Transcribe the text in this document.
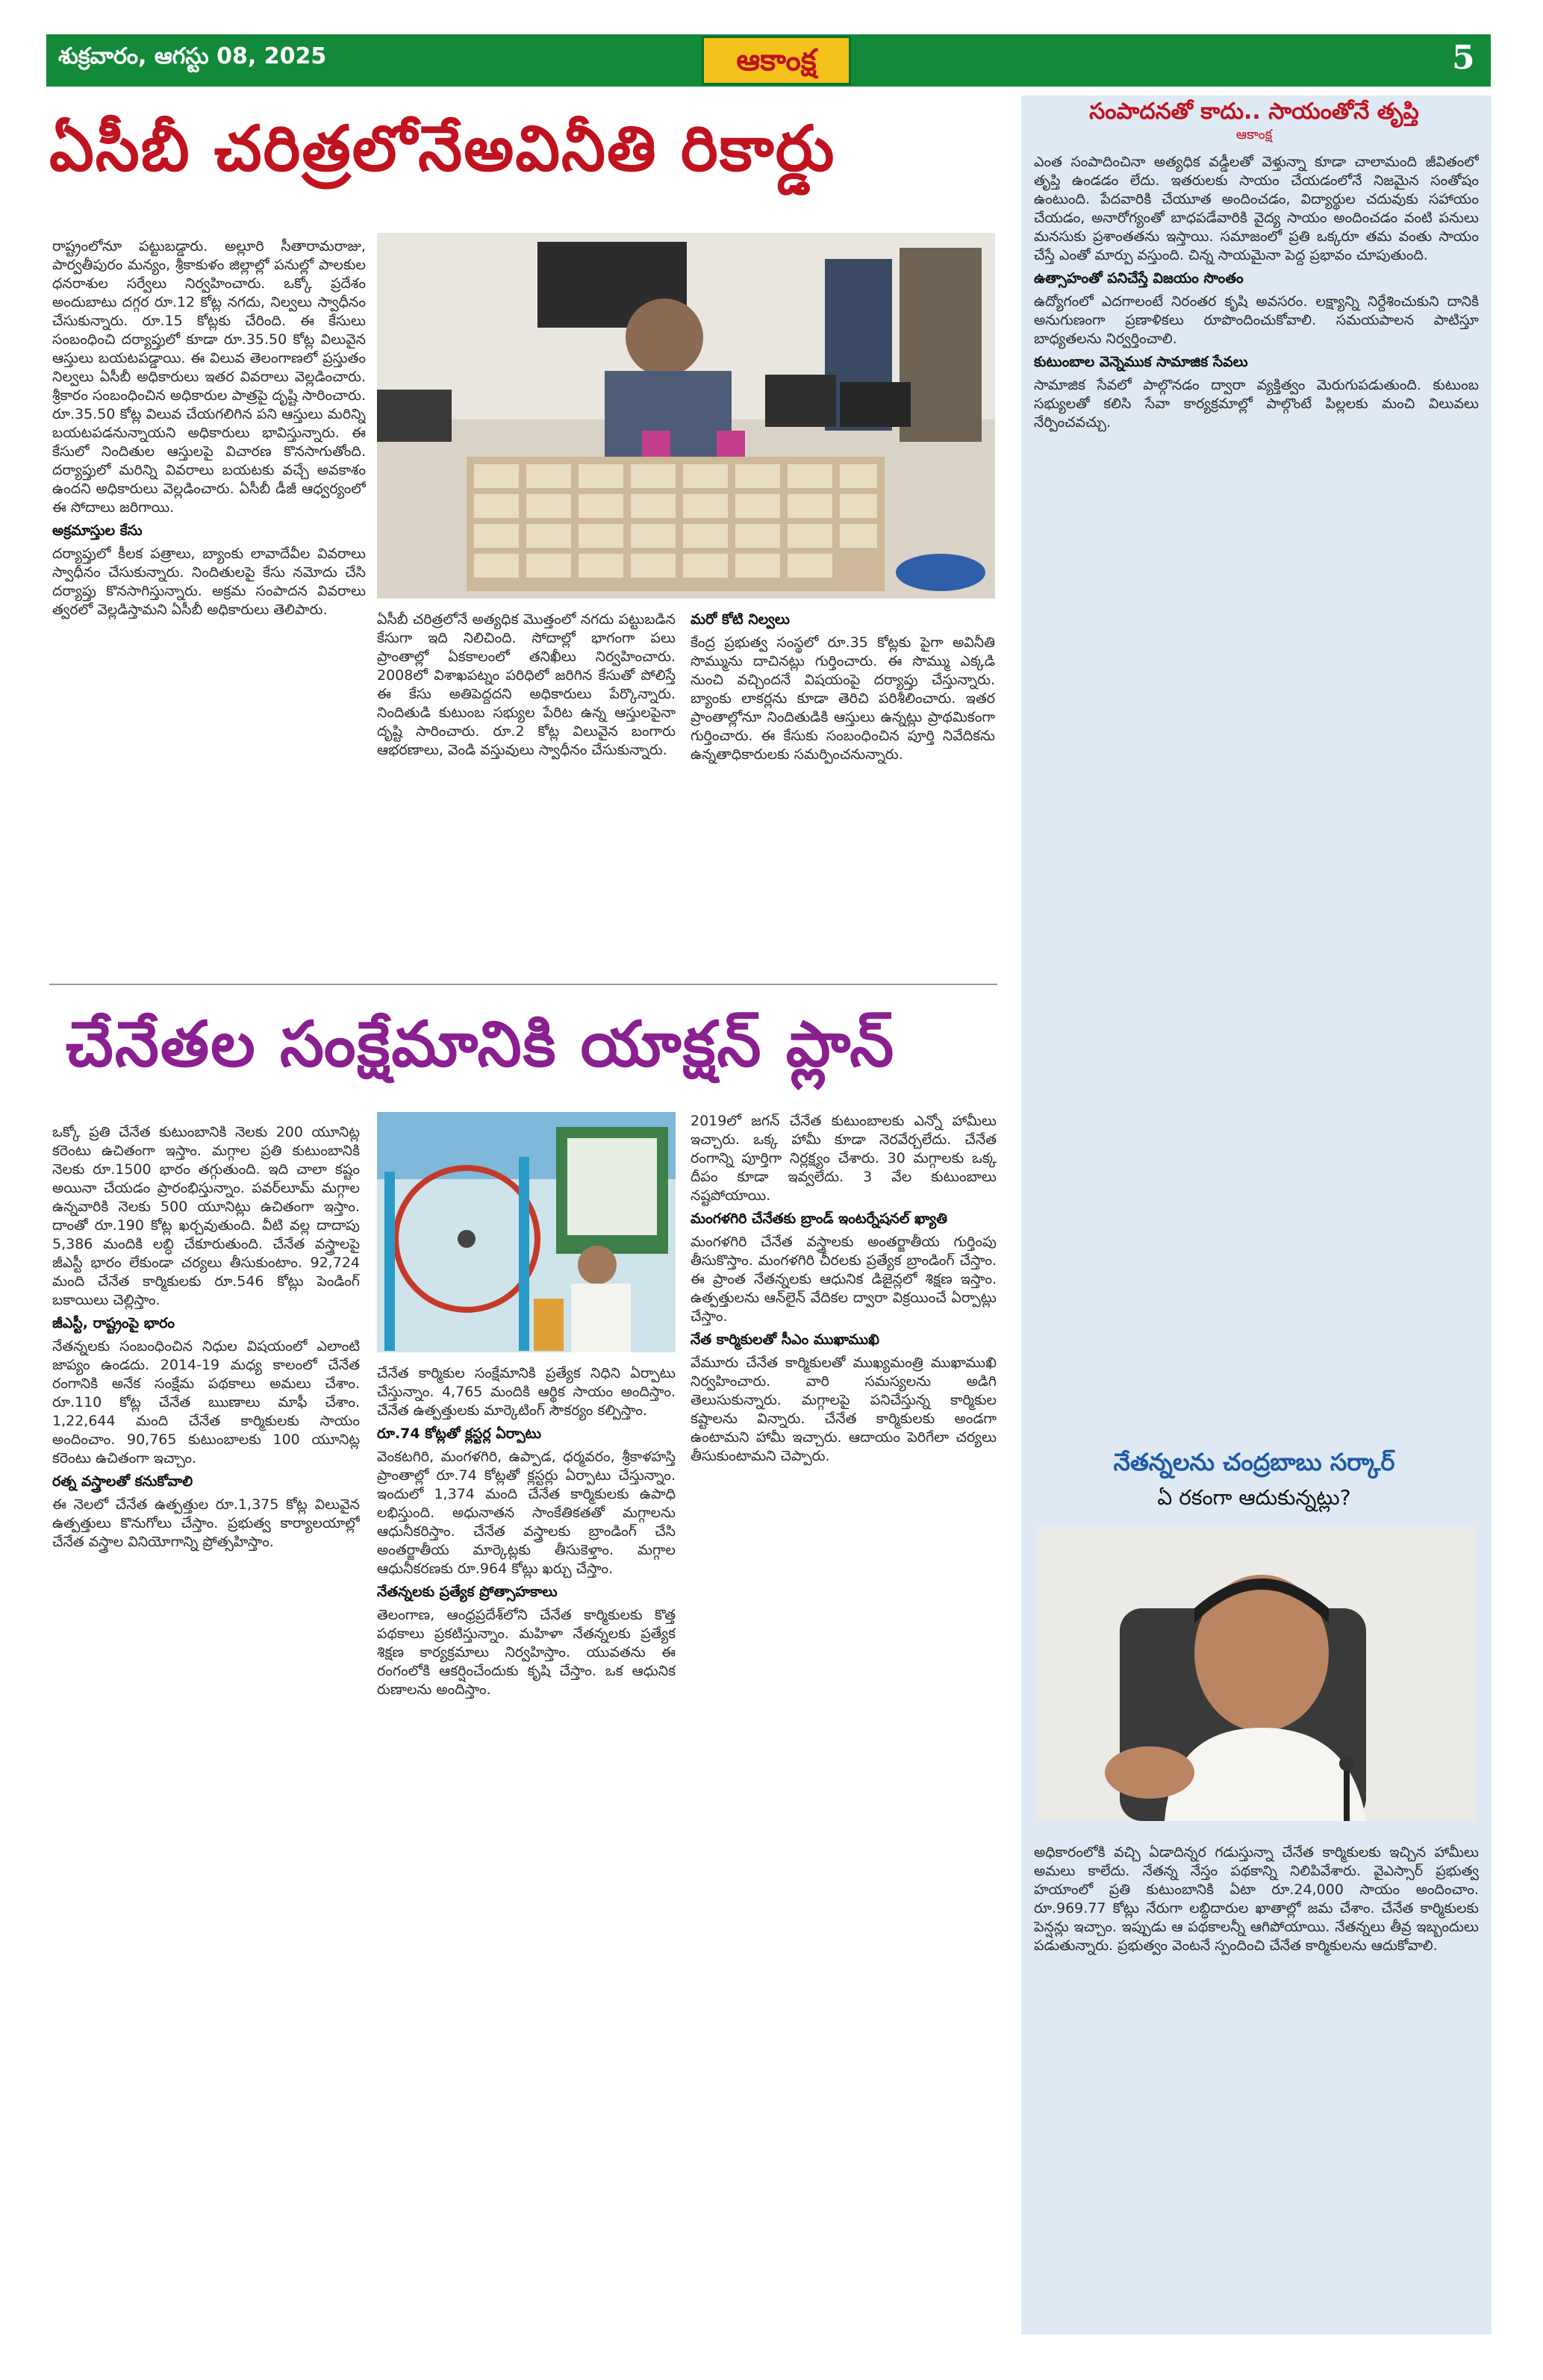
శుక్రవారం, ఆగస్టు 08, 2025	ఆకాంక్ష	5
ఏసీబీ చరిత్రలోనేఅవినీతి రికార్డు

రాష్ట్రంలోనూ పట్టుబడ్డారు. అల్లూరి సీతారామరాజు, పార్వతీపురం మన్యం, శ్రీకాకుళం జిల్లాల్లో పనుల్లో పాలకుల ధనరాశుల సర్వేలు నిర్వహించారు. ఒక్కో ప్రదేశం అందుబాటు దగ్గర రూ.12 కోట్ల నగదు, నిల్వలు స్వాధీనం చేసుకున్నారు. రూ.15 కోట్లకు చేరింది. ఈ కేసులు సంబంధించి దర్యాప్తులో కూడా రూ.35.50 కోట్ల విలువైన ఆస్తులు బయటపడ్డాయి. ఈ విలువ తెలంగాణలో ప్రస్తుతం నిల్వలు ఏసీబీ అధికారులు ఇతర వివరాలు వెల్లడించారు. శ్రీకారం సంబంధించిన అధికారుల పాత్రపై దృష్టి సారించారు. రూ.35.50 కోట్ల విలువ చేయగలిగిన పని ఆస్తులు మరిన్ని బయటపడనున్నాయని అధికారులు భావిస్తున్నారు. ఈ కేసులో నిందితుల ఆస్తులపై విచారణ కొనసాగుతోంది. దర్యాప్తులో మరిన్ని వివరాలు బయటకు వచ్చే అవకాశం ఉందని అధికారులు వెల్లడించారు. ఏసీబీ డీజీ ఆధ్వర్యంలో ఈ సోదాలు జరిగాయి.

అక్రమాస్తుల కేసు

దర్యాప్తులో కీలక పత్రాలు, బ్యాంకు లావాదేవీల వివరాలు స్వాధీనం చేసుకున్నారు. నిందితులపై కేసు నమోదు చేసి దర్యాప్తు కొనసాగిస్తున్నారు. అక్రమ సంపాదన వివరాలు త్వరలో వెల్లడిస్తామని ఏసీబీ అధికారులు తెలిపారు.

ఏసీబీ చరిత్రలోనే అత్యధిక మొత్తంలో నగదు పట్టుబడిన కేసుగా ఇది నిలిచింది. సోదాల్లో భాగంగా పలు ప్రాంతాల్లో ఏకకాలంలో తనిఖీలు నిర్వహించారు. 2008లో విశాఖపట్నం పరిధిలో జరిగిన కేసుతో పోలిస్తే ఈ కేసు అతిపెద్దదని అధికారులు పేర్కొన్నారు. నిందితుడి కుటుంబ సభ్యుల పేరిట ఉన్న ఆస్తులపైనా దృష్టి సారించారు. రూ.2 కోట్ల విలువైన బంగారు ఆభరణాలు, వెండి వస్తువులు స్వాధీనం చేసుకున్నారు.

మరో కోటి నిల్వలు

కేంద్ర ప్రభుత్వ సంస్థలో రూ.35 కోట్లకు పైగా అవినీతి సొమ్మును దాచినట్లు గుర్తించారు. ఈ సొమ్ము ఎక్కడి నుంచి వచ్చిందనే విషయంపై దర్యాప్తు చేస్తున్నారు. బ్యాంకు లాకర్లను కూడా తెరిచి పరిశీలించారు. ఇతర ప్రాంతాల్లోనూ నిందితుడికి ఆస్తులు ఉన్నట్లు ప్రాథమికంగా గుర్తించారు. ఈ కేసుకు సంబంధించిన పూర్తి నివేదికను ఉన్నతాధికారులకు సమర్పించనున్నారు.

చేనేతల సంక్షేమానికి యాక్షన్ ప్లాన్

ఒక్కో ప్రతి చేనేత కుటుంబానికి నెలకు 200 యూనిట్ల కరెంటు ఉచితంగా ఇస్తాం. మగ్గాల ప్రతి కుటుంబానికి నెలకు రూ.1500 భారం తగ్గుతుంది. ఇది చాలా కష్టం అయినా చేయడం ప్రారంభిస్తున్నాం. పవర్‌లూమ్ మగ్గాల ఉన్నవారికి నెలకు 500 యూనిట్లు ఉచితంగా ఇస్తాం. దాంతో రూ.190 కోట్ల ఖర్చవుతుంది. వీటి వల్ల దాదాపు 5,386 మందికి లబ్ధి చేకూరుతుంది. చేనేత వస్త్రాలపై జీఎస్టీ భారం లేకుండా చర్యలు తీసుకుంటాం. 92,724 మంది చేనేత కార్మికులకు రూ.546 కోట్లు పెండింగ్ బకాయిలు చెల్లిస్తాం.

జీఎస్టీ, రాష్ట్రంపై భారం

నేతన్నలకు సంబంధించిన నిధుల విషయంలో ఎలాంటి జాప్యం ఉండదు. 2014-19 మధ్య కాలంలో చేనేత రంగానికి అనేక సంక్షేమ పథకాలు అమలు చేశాం. రూ.110 కోట్ల చేనేత ఋణాలు మాఫీ చేశాం. 1,22,644 మంది చేనేత కార్మికులకు సాయం అందించాం. 90,765 కుటుంబాలకు 100 యూనిట్ల కరెంటు ఉచితంగా ఇచ్చాం.

రత్న వస్త్రాలతో కనుకోవాలి

ఈ నెలలో చేనేత ఉత్పత్తుల రూ.1,375 కోట్ల విలువైన ఉత్పత్తులు కొనుగోలు చేస్తాం. ప్రభుత్వ కార్యాలయాల్లో చేనేత వస్త్రాల వినియోగాన్ని ప్రోత్సహిస్తాం.

చేనేత కార్మికుల సంక్షేమానికి ప్రత్యేక నిధిని ఏర్పాటు చేస్తున్నాం. 4,765 మందికి ఆర్థిక సాయం అందిస్తాం. చేనేత ఉత్పత్తులకు మార్కెటింగ్ సౌకర్యం కల్పిస్తాం.

రూ.74 కోట్లతో క్లస్టర్ల ఏర్పాటు

వెంకటగిరి, మంగళగిరి, ఉప్పాడ, ధర్మవరం, శ్రీకాళహస్తి ప్రాంతాల్లో రూ.74 కోట్లతో క్లస్టర్లు ఏర్పాటు చేస్తున్నాం. ఇందులో 1,374 మంది చేనేత కార్మికులకు ఉపాధి లభిస్తుంది. అధునాతన సాంకేతికతతో మగ్గాలను ఆధునీకరిస్తాం. చేనేత వస్త్రాలకు బ్రాండింగ్ చేసి అంతర్జాతీయ మార్కెట్లకు తీసుకెళ్తాం. మగ్గాల ఆధునీకరణకు రూ.964 కోట్లు ఖర్చు చేస్తాం.

నేతన్నలకు ప్రత్యేక ప్రోత్సాహకాలు

తెలంగాణ, ఆంధ్రప్రదేశ్‌లోని చేనేత కార్మికులకు కొత్త పథకాలు ప్రకటిస్తున్నాం. మహిళా నేతన్నలకు ప్రత్యేక శిక్షణ కార్యక్రమాలు నిర్వహిస్తాం. యువతను ఈ రంగంలోకి ఆకర్షించేందుకు కృషి చేస్తాం. ఒక ఆధునిక రుణాలను అందిస్తాం.

2019లో జగన్ చేనేత కుటుంబాలకు ఎన్నో హామీలు ఇచ్చారు. ఒక్క హామీ కూడా నెరవేర్చలేదు. చేనేత రంగాన్ని పూర్తిగా నిర్లక్ష్యం చేశారు. 30 మగ్గాలకు ఒక్క దీపం కూడా ఇవ్వలేదు. 3 వేల కుటుంబాలు నష్టపోయాయి.

మంగళగిరి చేనేతకు బ్రాండ్ ఇంటర్నేషనల్ ఖ్యాతి

మంగళగిరి చేనేత వస్త్రాలకు అంతర్జాతీయ గుర్తింపు తీసుకొస్తాం. మంగళగిరి చీరలకు ప్రత్యేక బ్రాండింగ్ చేస్తాం. ఈ ప్రాంత నేతన్నలకు ఆధునిక డిజైన్లలో శిక్షణ ఇస్తాం. ఉత్పత్తులను ఆన్‌లైన్ వేదికల ద్వారా విక్రయించే ఏర్పాట్లు చేస్తాం.

నేత కార్మికులతో సీఎం ముఖాముఖి

వేమూరు చేనేత కార్మికులతో ముఖ్యమంత్రి ముఖాముఖి నిర్వహించారు. వారి సమస్యలను అడిగి తెలుసుకున్నారు. మగ్గాలపై పనిచేస్తున్న కార్మికుల కష్టాలను విన్నారు. చేనేత కార్మికులకు అండగా ఉంటామని హామీ ఇచ్చారు. ఆదాయం పెరిగేలా చర్యలు తీసుకుంటామని చెప్పారు.

సంపాదనతో కాదు.. సాయంతోనే తృప్తి
ఆకాంక్ష

ఎంత సంపాదించినా అత్యధిక వడ్డీలతో వెళ్తున్నా కూడా చాలామంది జీవితంలో తృప్తి ఉండడం లేదు. ఇతరులకు సాయం చేయడంలోనే నిజమైన సంతోషం ఉంటుంది. పేదవారికి చేయూత అందించడం, విద్యార్థుల చదువుకు సహాయం చేయడం, అనారోగ్యంతో బాధపడేవారికి వైద్య సాయం అందించడం వంటి పనులు మనసుకు ప్రశాంతతను ఇస్తాయి. సమాజంలో ప్రతి ఒక్కరూ తమ వంతు సాయం చేస్తే ఎంతో మార్పు వస్తుంది. చిన్న సాయమైనా పెద్ద ప్రభావం చూపుతుంది.

ఉత్సాహంతో పనిచేస్తే విజయం సొంతం

ఉద్యోగంలో ఎదగాలంటే నిరంతర కృషి అవసరం. లక్ష్యాన్ని నిర్దేశించుకుని దానికి అనుగుణంగా ప్రణాళికలు రూపొందించుకోవాలి. సమయపాలన పాటిస్తూ బాధ్యతలను నిర్వర్తించాలి.

కుటుంబాల వెన్నెముక సామాజిక సేవలు

సామాజిక సేవలో పాల్గొనడం ద్వారా వ్యక్తిత్వం మెరుగుపడుతుంది. కుటుంబ సభ్యులతో కలిసి సేవా కార్యక్రమాల్లో పాల్గొంటే పిల్లలకు మంచి విలువలు నేర్పించవచ్చు.

నేతన్నలను చంద్రబాబు సర్కార్
ఏ రకంగా ఆదుకున్నట్లు?

అధికారంలోకి వచ్చి ఏడాదిన్నర గడుస్తున్నా చేనేత కార్మికులకు ఇచ్చిన హామీలు అమలు కాలేదు. నేతన్న నేస్తం పథకాన్ని నిలిపివేశారు. వైఎస్సార్ ప్రభుత్వ హయాంలో ప్రతి కుటుంబానికి ఏటా రూ.24,000 సాయం అందించాం. రూ.969.77 కోట్లు నేరుగా లబ్ధిదారుల ఖాతాల్లో జమ చేశాం. చేనేత కార్మికులకు పెన్షన్లు ఇచ్చాం. ఇప్పుడు ఆ పథకాలన్నీ ఆగిపోయాయి. నేతన్నలు తీవ్ర ఇబ్బందులు పడుతున్నారు. ప్రభుత్వం వెంటనే స్పందించి చేనేత కార్మికులను ఆదుకోవాలి.
